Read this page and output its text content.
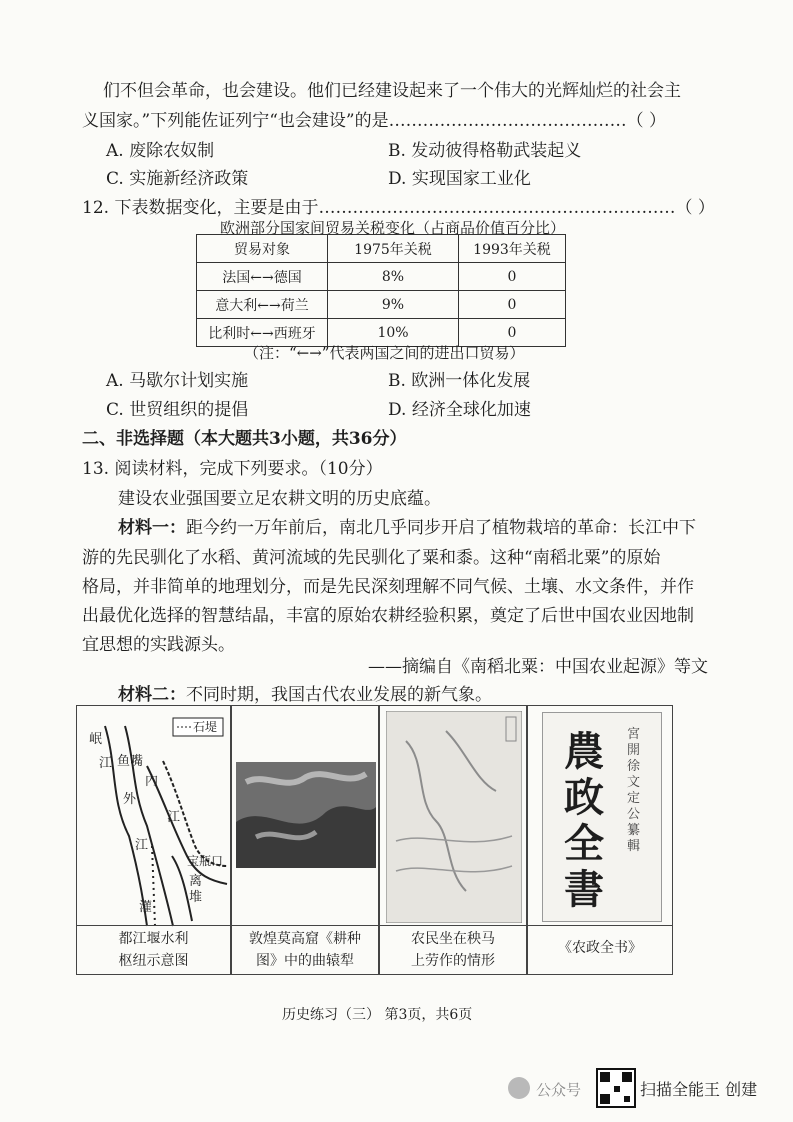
们不但会革命，也会建设。他们已经建设起来了一个伟大的光辉灿烂的社会主
义国家。”下列能佐证列宁“也会建设”的是……………………………………（ ）
A. 废除农奴制	B. 发动彼得格勒武装起义
C. 实施新经济政策	D. 实现国家工业化
12. 下表数据变化，主要是由于………………………………………………………（ ）
欧洲部分国家间贸易关税变化（占商品价值百分比）
贸易对象	1975年关税	1993年关税
法国←→德国	8%	0
意大利←→荷兰	9%	0
比利时←→西班牙	10%	0
（注：“←→”代表两国之间的进出口贸易）
A. 马歇尔计划实施	B. 欧洲一体化发展
C. 世贸组织的提倡	D. 经济全球化加速
二、非选择题（本大题共3小题，共36分）
13. 阅读材料，完成下列要求。（10分）
建设农业强国要立足农耕文明的历史底蕴。
材料一：距今约一万年前后，南北几乎同步开启了植物栽培的革命：长江中下
游的先民驯化了水稻、黄河流域的先民驯化了粟和黍。这种“南稻北粟”的原始
格局，并非简单的地理划分，而是先民深刻理解不同气候、土壤、水文条件，并作
出最优化选择的智慧结晶，丰富的原始农耕经验积累，奠定了后世中国农业因地制
宜思想的实践源头。
——摘编自《南稻北粟：中国农业起源》等文
材料二：不同时期，我国古代农业发展的新气象。
石堤
岷
江 鱼嘴
内
江
外
江
宝瓶口
离
堆
灌
都江堰水利
枢纽示意图
敦煌莫高窟《耕种
图》中的曲辕犁
农民坐在秧马
上劳作的情形
農
政
全
書
宮開徐文定公纂輯
《农政全书》
历史练习（三） 第3页，共6页
公众号	扫描全能王 创建
